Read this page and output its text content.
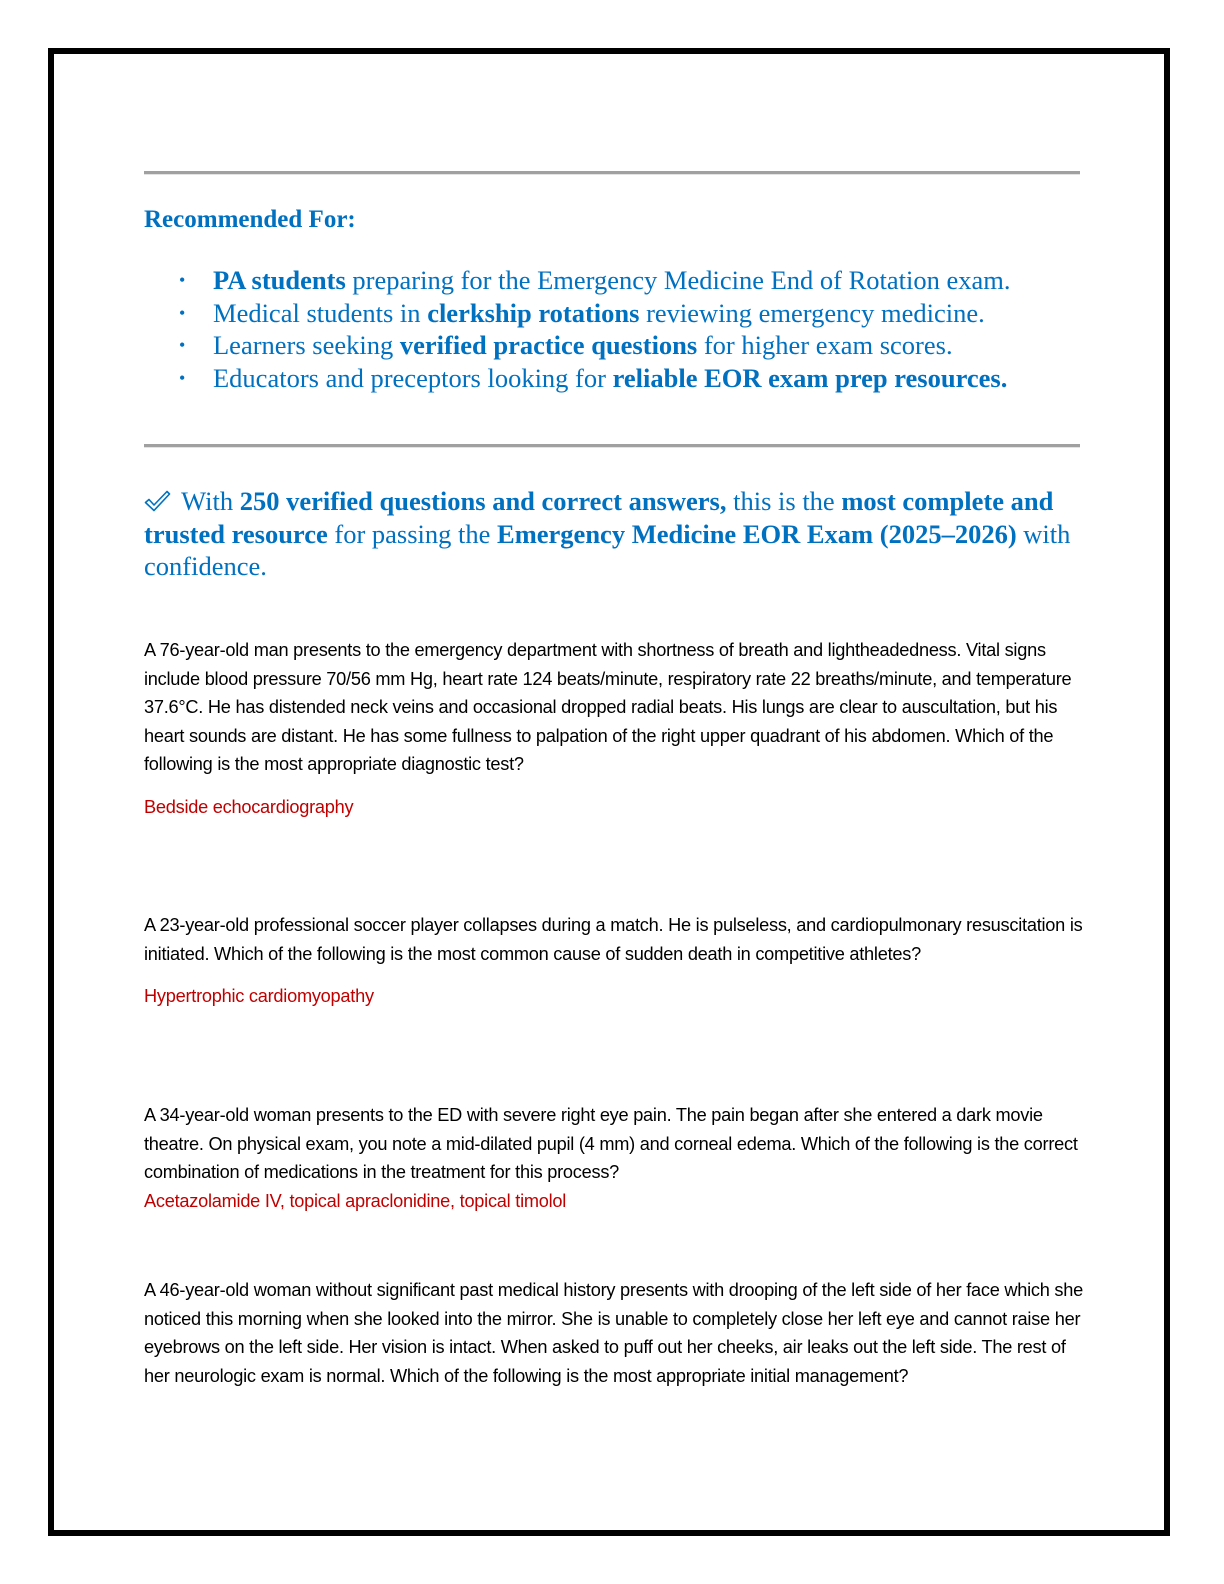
Recommended For:
• PA students preparing for the Emergency Medicine End of Rotation exam.
• Medical students in clerkship rotations reviewing emergency medicine.
• Learners seeking verified practice questions for higher exam scores.
• Educators and preceptors looking for reliable EOR exam prep resources.

With 250 verified questions and correct answers, this is the most complete and trusted resource for passing the Emergency Medicine EOR Exam (2025–2026) with confidence.

A 76-year-old man presents to the emergency department with shortness of breath and lightheadedness. Vital signs include blood pressure 70/56 mm Hg, heart rate 124 beats/minute, respiratory rate 22 breaths/minute, and temperature 37.6°C. He has distended neck veins and occasional dropped radial beats. His lungs are clear to auscultation, but his heart sounds are distant. He has some fullness to palpation of the right upper quadrant of his abdomen. Which of the following is the most appropriate diagnostic test?

Bedside echocardiography

A 23-year-old professional soccer player collapses during a match. He is pulseless, and cardiopulmonary resuscitation is initiated. Which of the following is the most common cause of sudden death in competitive athletes?

Hypertrophic cardiomyopathy

A 34-year-old woman presents to the ED with severe right eye pain. The pain began after she entered a dark movie theatre. On physical exam, you note a mid-dilated pupil (4 mm) and corneal edema. Which of the following is the correct combination of medications in the treatment for this process?

Acetazolamide IV, topical apraclonidine, topical timolol

A 46-year-old woman without significant past medical history presents with drooping of the left side of her face which she noticed this morning when she looked into the mirror. She is unable to completely close her left eye and cannot raise her eyebrows on the left side. Her vision is intact. When asked to puff out her cheeks, air leaks out the left side. The rest of her neurologic exam is normal. Which of the following is the most appropriate initial management?
